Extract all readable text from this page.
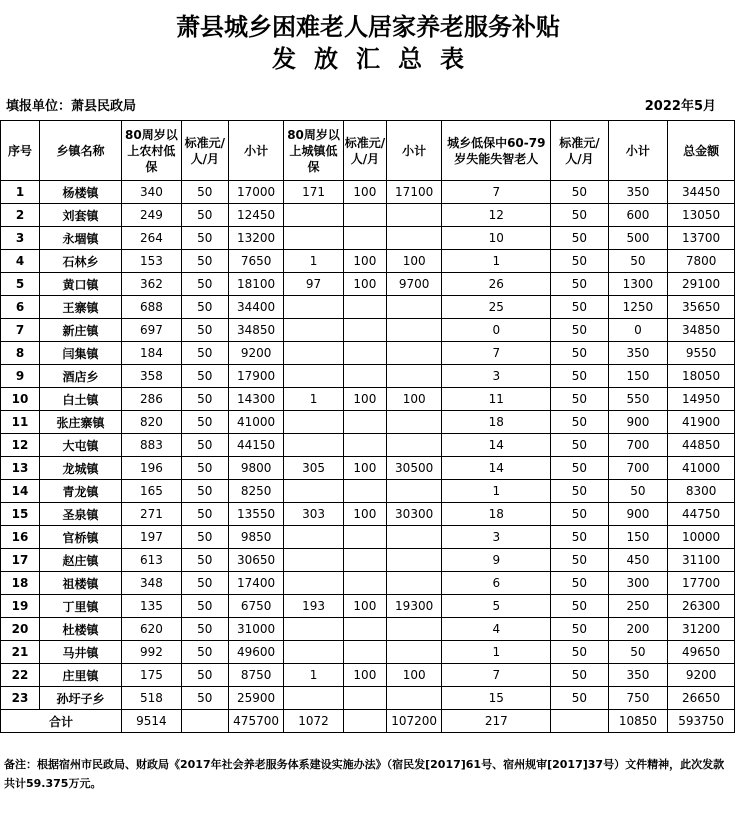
萧县城乡困难老人居家养老服务补贴
发放汇总表
填报单位：萧县民政局	2022年5月
序号	乡镇名称	80周岁以上农村低保	标准元/人/月	小计	80周岁以上城镇低保	标准元/人/月	小计	城乡低保中60-79岁失能失智老人	标准元/人/月	小计	总金额
1	杨楼镇	340	50	17000	171	100	17100	7	50	350	34450
2	刘套镇	249	50	12450				12	50	600	13050
3	永堌镇	264	50	13200				10	50	500	13700
4	石林乡	153	50	7650	1	100	100	1	50	50	7800
5	黄口镇	362	50	18100	97	100	9700	26	50	1300	29100
6	王寨镇	688	50	34400				25	50	1250	35650
7	新庄镇	697	50	34850				0	50	0	34850
8	闫集镇	184	50	9200				7	50	350	9550
9	酒店乡	358	50	17900				3	50	150	18050
10	白土镇	286	50	14300	1	100	100	11	50	550	14950
11	张庄寨镇	820	50	41000				18	50	900	41900
12	大屯镇	883	50	44150				14	50	700	44850
13	龙城镇	196	50	9800	305	100	30500	14	50	700	41000
14	青龙镇	165	50	8250				1	50	50	8300
15	圣泉镇	271	50	13550	303	100	30300	18	50	900	44750
16	官桥镇	197	50	9850				3	50	150	10000
17	赵庄镇	613	50	30650				9	50	450	31100
18	祖楼镇	348	50	17400				6	50	300	17700
19	丁里镇	135	50	6750	193	100	19300	5	50	250	26300
20	杜楼镇	620	50	31000				4	50	200	31200
21	马井镇	992	50	49600				1	50	50	49650
22	庄里镇	175	50	8750	1	100	100	7	50	350	9200
23	孙圩子乡	518	50	25900				15	50	750	26650
合计		9514		475700	1072		107200	217		10850	593750
备注：根据宿州市民政局、财政局《2017年社会养老服务体系建设实施办法》（宿民发[2017]61号、宿州规审[2017]37号）文件精神，此次发款共计59.375万元。
